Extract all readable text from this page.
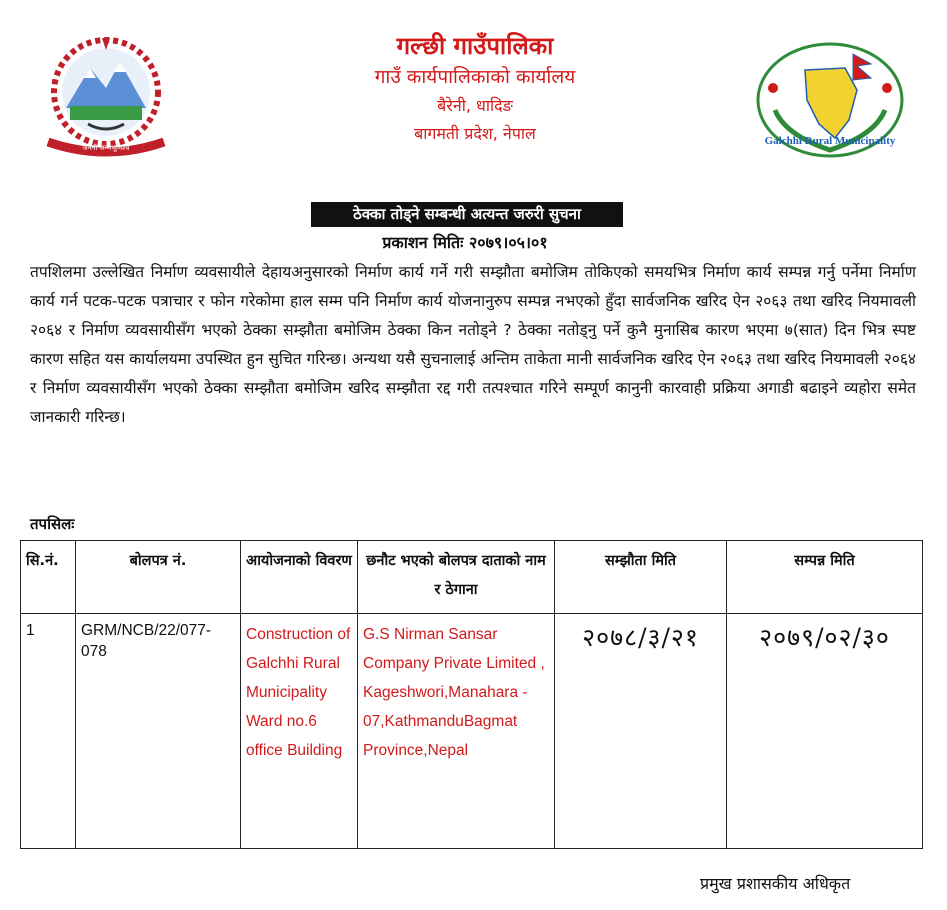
जननी जन्मभूमिश्च
गल्छी गाउँपालिका
गाउँ कार्यपालिकाको कार्यालय
बैरेनी, धादिङ
बागमती प्रदेश, नेपाल	Galchhi Rural Municipality
ठेक्का तोड्ने सम्बन्धी अत्यन्त जरुरी सुचना
प्रकाशन मितिः २०७९।०५।०१
तपशिलमा उल्लेखित निर्माण व्यवसायीले देहायअनुसारको निर्माण कार्य गर्ने गरी सम्झौता बमोजिम तोकिएको समयभित्र निर्माण कार्य सम्पन्न गर्नु पर्नेमा निर्माण कार्य गर्न पटक-पटक पत्राचार र फोन गरेकोमा हाल सम्म पनि निर्माण कार्य योजनानुरुप सम्पन्न नभएको हुँदा सार्वजनिक खरिद ऐन २०६३ तथा खरिद नियमावली २०६४ र निर्माण व्यवसायीसँग भएको ठेक्का सम्झौता बमोजिम ठेक्का किन नतोड्ने ? ठेक्का नतोड्नु पर्ने कुनै मुनासिब कारण भएमा ७(सात) दिन भित्र स्पष्ट कारण सहित यस कार्यालयमा उपस्थित हुन सुचित गरिन्छ। अन्यथा यसै सुचनालाई अन्तिम ताकेता मानी सार्वजनिक खरिद ऐन २०६३ तथा खरिद नियमावली २०६४ र निर्माण व्यवसायीसँग भएको ठेक्का सम्झौता बमोजिम खरिद सम्झौता रद्द गरी तत्पश्चात गरिने सम्पूर्ण कानुनी कारवाही प्रक्रिया अगाडी बढाइने व्यहोरा समेत जानकारी गरिन्छ।
तपसिलः
सि.नं.	बोलपत्र नं.	आयोजनाको विवरण	छनौट भएको बोलपत्र दाताको नाम र ठेगाना	सम्झौता मिति	सम्पन्न मिति
1	GRM/NCB/22/077-078	Construction of Galchhi Rural Municipality Ward no.6 office Building	G.S Nirman Sansar Company Private Limited , Kageshwori,Manahara - 07,KathmanduBagmat Province,Nepal	२०७८/३/२१	२०७९/०२/३०
प्रमुख प्रशासकीय अधिकृत
